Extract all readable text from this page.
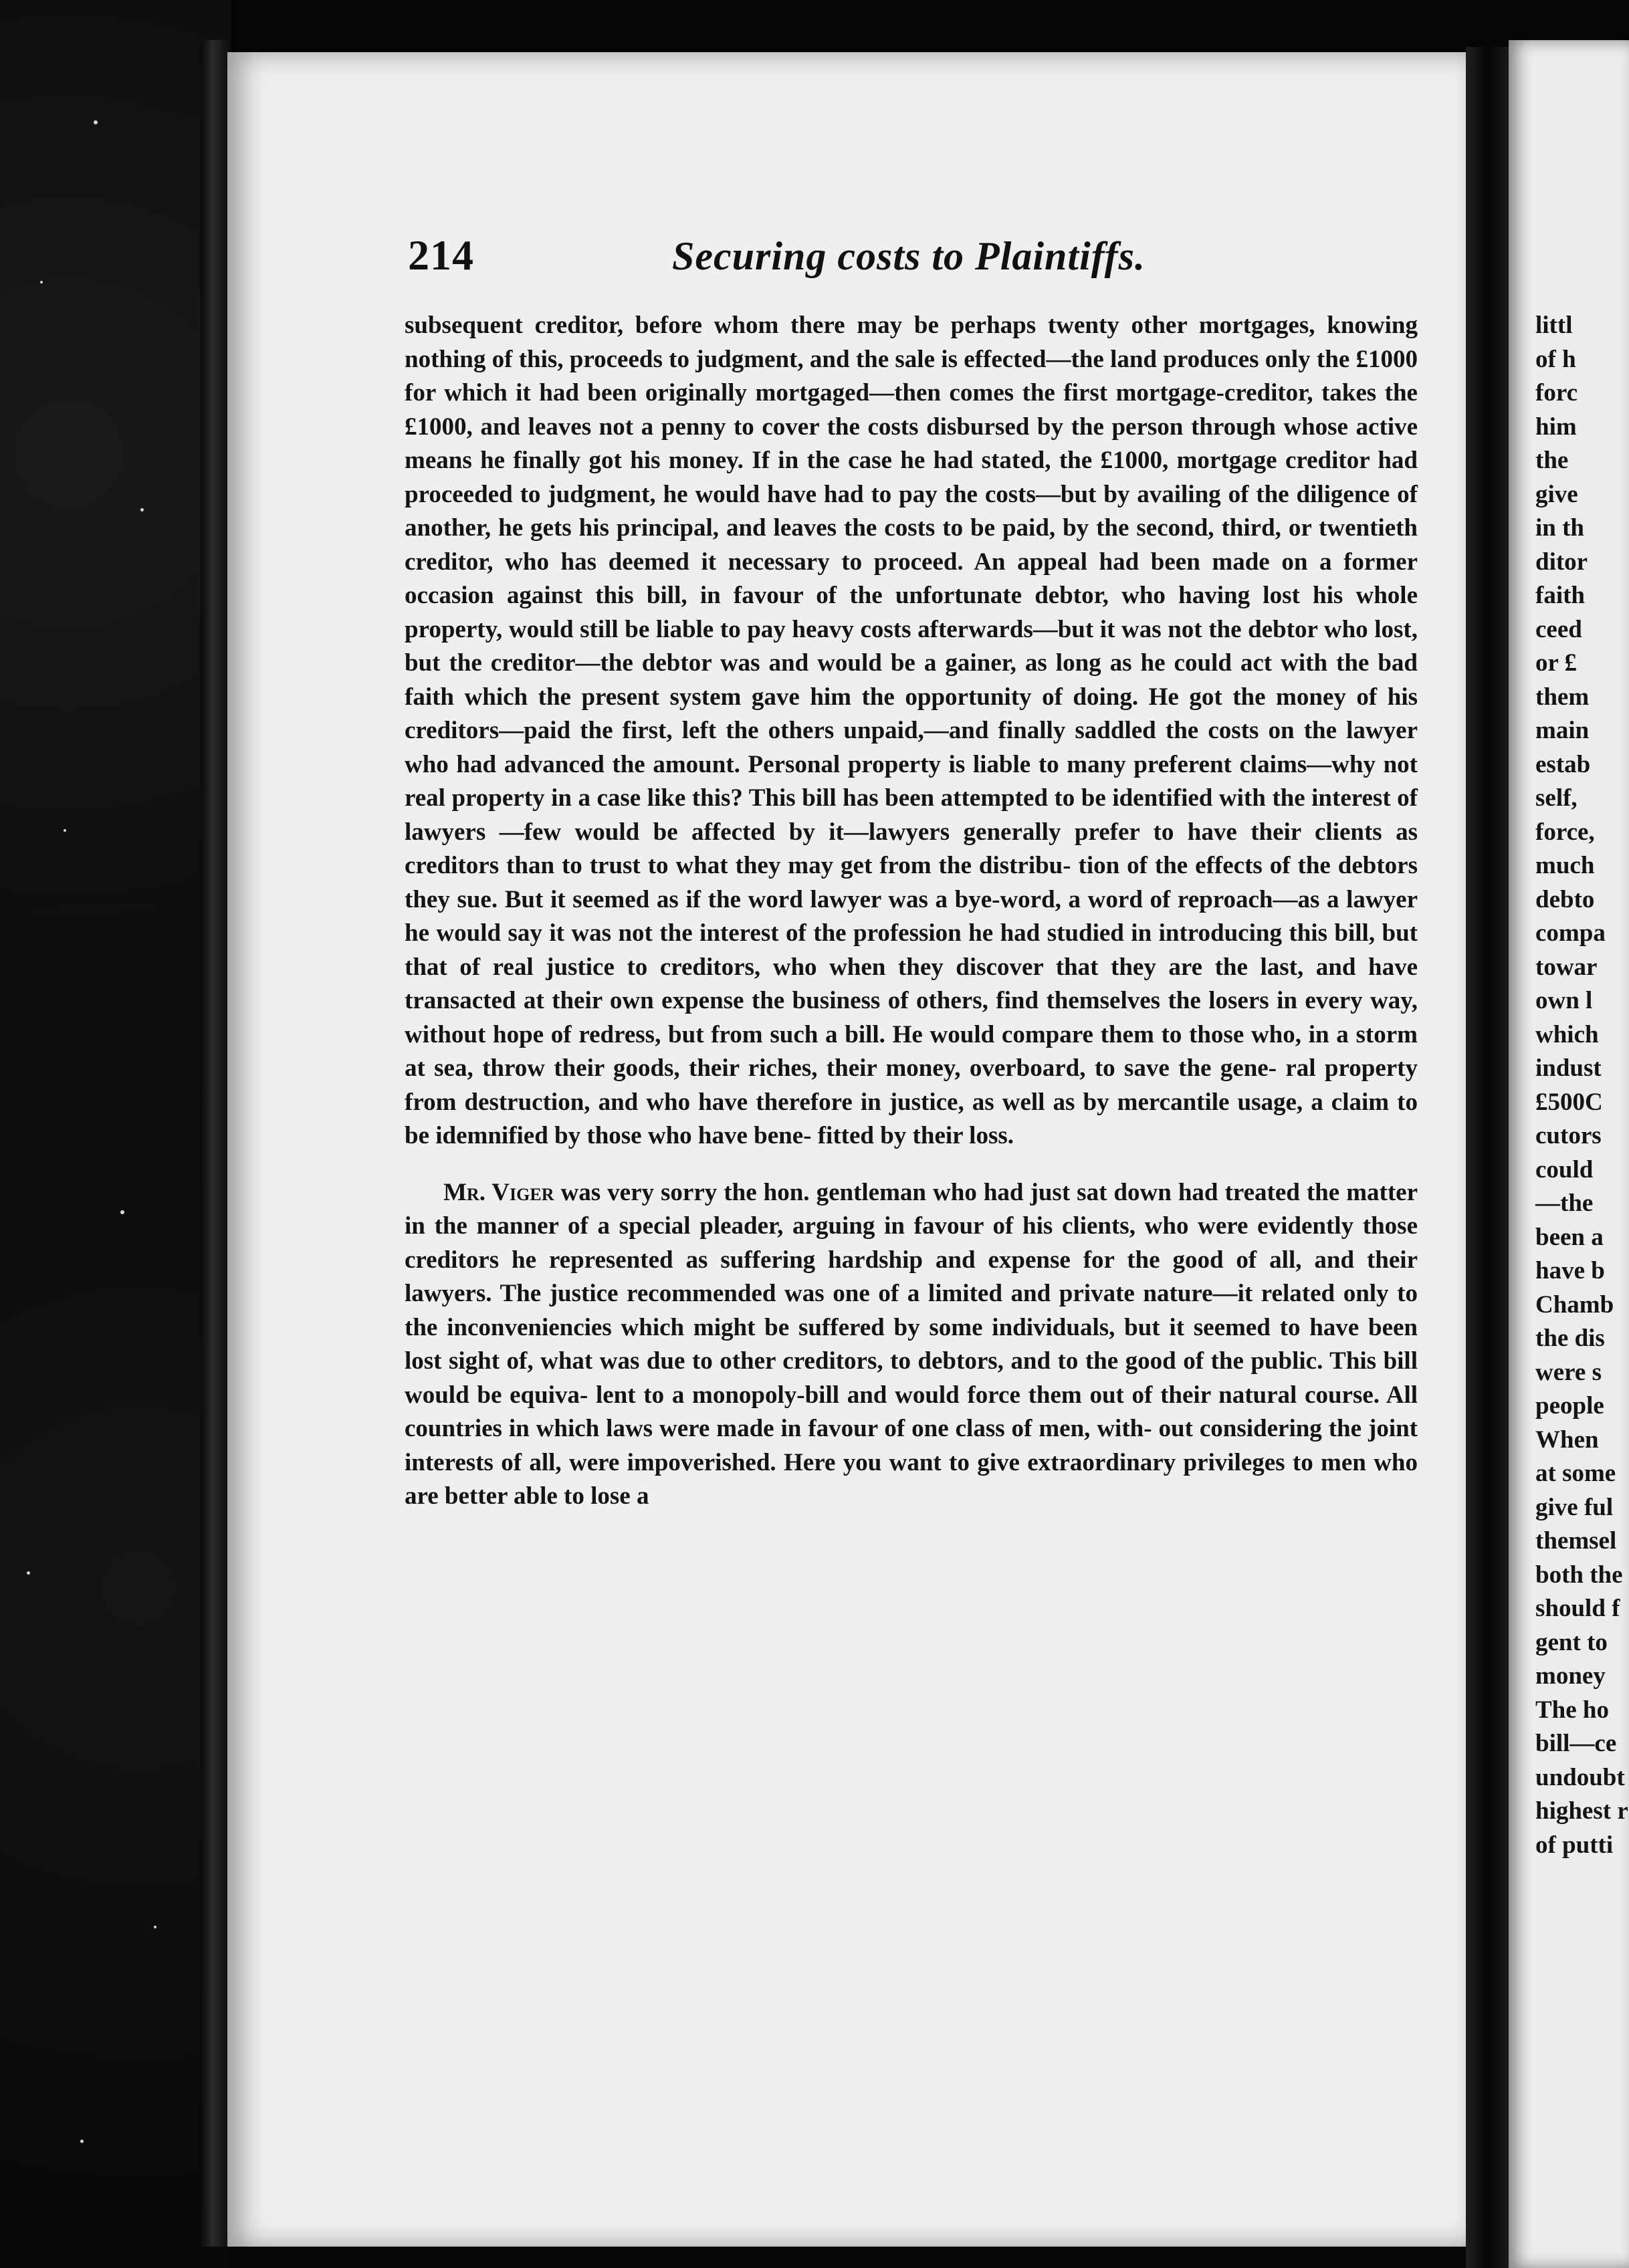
214	Securing costs to Plaintiffs.

subsequent creditor, before whom there may be perhaps twenty other mortgages, knowing nothing of this, proceeds to judgment, and the sale is effected—the land produces only the £1000 for which it had been originally mortgaged—then comes the first mortgage-creditor, takes the £1000, and leaves not a penny to cover the costs disbursed by the person through whose active means he finally got his money. If in the case he had stated, the £1000, mortgage creditor had proceeded to judgment, he would have had to pay the costs—but by availing of the diligence of another, he gets his principal, and leaves the costs to be paid, by the second, third, or twentieth creditor, who has deemed it necessary to proceed. An appeal had been made on a former occasion against this bill, in favour of the unfortunate debtor, who having lost his whole property, would still be liable to pay heavy costs afterwards—but it was not the debtor who lost, but the creditor—the debtor was and would be a gainer, as long as he could act with the bad faith which the present system gave him the opportunity of doing. He got the money of his creditors—paid the first, left the others unpaid,—and finally saddled the costs on the lawyer who had advanced the amount. Personal property is liable to many preferent claims—why not real property in a case like this? This bill has been attempted to be identified with the interest of lawyers —few would be affected by it—lawyers generally prefer to have their clients as creditors than to trust to what they may get from the distribu- tion of the effects of the debtors they sue. But it seemed as if the word lawyer was a bye-word, a word of reproach—as a lawyer he would say it was not the interest of the profession he had studied in introducing this bill, but that of real justice to creditors, who when they discover that they are the last, and have transacted at their own expense the business of others, find themselves the losers in every way, without hope of redress, but from such a bill. He would compare them to those who, in a storm at sea, throw their goods, their riches, their money, overboard, to save the gene- ral property from destruction, and who have therefore in justice, as well as by mercantile usage, a claim to be idemnified by those who have bene- fitted by their loss.

Mr. Viger was very sorry the hon. gentleman who had just sat down had treated the matter in the manner of a special pleader, arguing in favour of his clients, who were evidently those creditors he represented as suffering hardship and expense for the good of all, and their lawyers. The justice recommended was one of a limited and private nature—it related only to the inconveniencies which might be suffered by some individuals, but it seemed to have been lost sight of, what was due to other creditors, to debtors, and to the good of the public. This bill would be equiva- lent to a monopoly-bill and would force them out of their natural course. All countries in which laws were made in favour of one class of men, with- out considering the joint interests of all, were impoverished. Here you want to give extraordinary privileges to men who are better able to lose a

littl
of h
forc
him
the
give
in th
ditor
faith
ceed
or £
them
main
estab
self,
force,
much
debto
compa
towar
own l
which
indust
£500C
cutors
could
—the
been a
have b
Chamb
the dis
were s
people
When
at some
give ful
themsel
both the
should f
gent to
money
The ho
bill—ce
undoubt
highest r
of putti
